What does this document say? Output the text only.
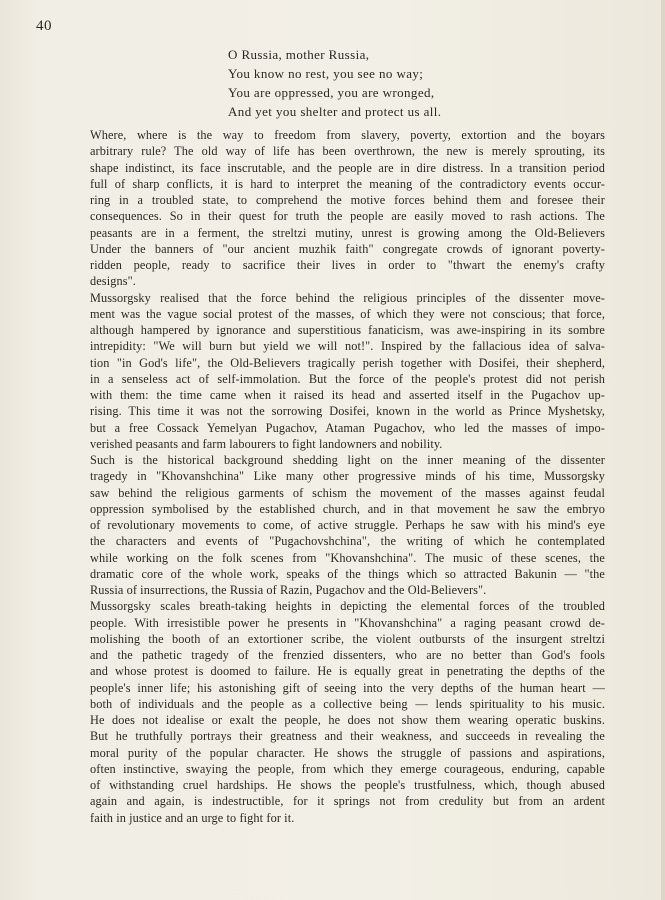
40
O Russia, mother Russia,
You know no rest, you see no way;
You are oppressed, you are wronged,
And yet you shelter and protect us all.
Where, where is the way to freedom from slavery, poverty, extortion and the boyars
arbitrary rule? The old way of life has been overthrown, the new is merely sprouting, its
shape indistinct, its face inscrutable, and the people are in dire distress. In a transition period
full of sharp conflicts, it is hard to interpret the meaning of the contradictory events occur-
ring in a troubled state, to comprehend the motive forces behind them and foresee their
consequences. So in their quest for truth the people are easily moved to rash actions. The
peasants are in a ferment, the streltzi mutiny, unrest is growing among the Old-Believers
Under the banners of "our ancient muzhik faith" congregate crowds of ignorant poverty-
ridden people, ready to sacrifice their lives in order to "thwart the enemy's crafty
designs".
Mussorgsky realised that the force behind the religious principles of the dissenter move-
ment was the vague social protest of the masses, of which they were not conscious; that force,
although hampered by ignorance and superstitious fanaticism, was awe-inspiring in its sombre
intrepidity: "We will burn but yield we will not!". Inspired by the fallacious idea of salva-
tion "in God's life", the Old-Believers tragically perish together with Dosifei, their shepherd,
in a senseless act of self-immolation. But the force of the people's protest did not perish
with them: the time came when it raised its head and asserted itself in the Pugachov up-
rising. This time it was not the sorrowing Dosifei, known in the world as Prince Myshetsky,
but a free Cossack Yemelyan Pugachov, Ataman Pugachov, who led the masses of impo-
verished peasants and farm labourers to fight landowners and nobility.
Such is the historical background shedding light on the inner meaning of the dissenter
tragedy in "Khovanshchina" Like many other progressive minds of his time, Mussorgsky
saw behind the religious garments of schism the movement of the masses against feudal
oppression symbolised by the established church, and in that movement he saw the embryo
of revolutionary movements to come, of active struggle. Perhaps he saw with his mind's eye
the characters and events of "Pugachovshchina", the writing of which he contemplated
while working on the folk scenes from "Khovanshchina". The music of these scenes, the
dramatic core of the whole work, speaks of the things which so attracted Bakunin — "the
Russia of insurrections, the Russia of Razin, Pugachov and the Old-Believers".
Mussorgsky scales breath-taking heights in depicting the elemental forces of the troubled
people. With irresistible power he presents in "Khovanshchina" a raging peasant crowd de-
molishing the booth of an extortioner scribe, the violent outbursts of the insurgent streltzi
and the pathetic tragedy of the frenzied dissenters, who are no better than God's fools
and whose protest is doomed to failure. He is equally great in penetrating the depths of the
people's inner life; his astonishing gift of seeing into the very depths of the human heart —
both of individuals and the people as a collective being — lends spirituality to his music.
He does not idealise or exalt the people, he does not show them wearing operatic buskins.
But he truthfully portrays their greatness and their weakness, and succeeds in revealing the
moral purity of the popular character. He shows the struggle of passions and aspirations,
often instinctive, swaying the people, from which they emerge courageous, enduring, capable
of withstanding cruel hardships. He shows the people's trustfulness, which, though abused
again and again, is indestructible, for it springs not from credulity but from an ardent
faith in justice and an urge to fight for it.
